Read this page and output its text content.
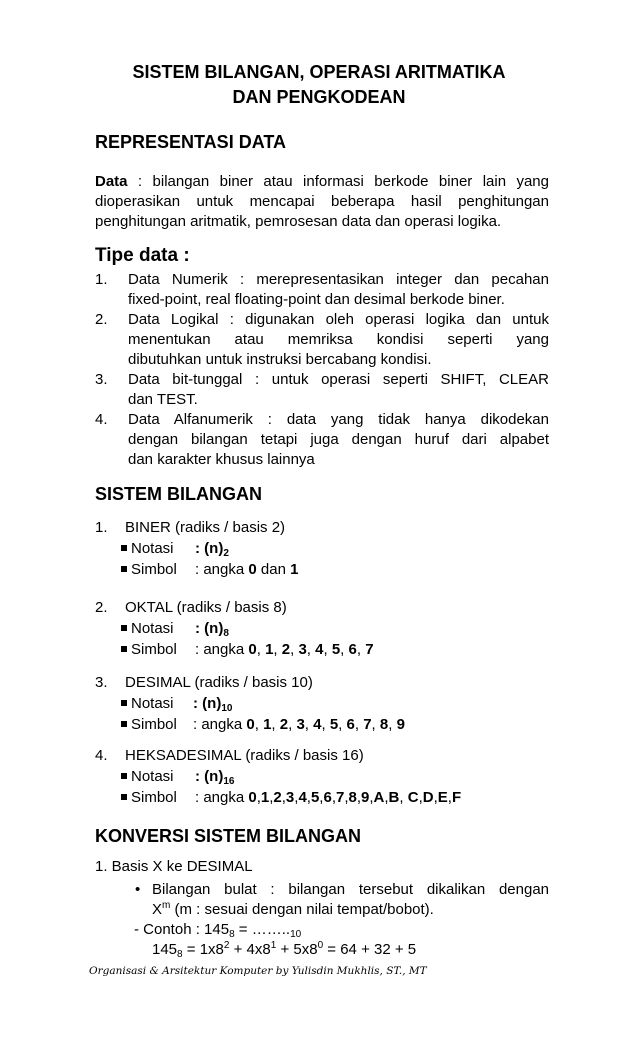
SISTEM BILANGAN, OPERASI ARITMATIKA
DAN PENGKODEAN
REPRESENTASI DATA
Data : bilangan biner atau informasi berkode biner lain yang
dioperasikan untuk mencapai beberapa hasil penghitungan
penghitungan aritmatik, pemrosesan data dan operasi logika.
Tipe data :
1. Data Numerik : merepresentasikan integer dan pecahan
fixed-point, real floating-point dan desimal berkode biner.
2. Data Logikal : digunakan oleh operasi logika dan untuk
menentukan atau memriksa kondisi seperti yang
dibutuhkan untuk instruksi bercabang kondisi.
3. Data bit-tunggal : untuk operasi seperti SHIFT, CLEAR
dan TEST.
4. Data Alfanumerik : data yang tidak hanya dikodekan
dengan bilangan tetapi juga dengan huruf dari alpabet
dan karakter khusus lainnya
SISTEM BILANGAN
1. BINER (radiks / basis 2)
Notasi : $(n)_2$
Simbol : angka 0 dan 1
2. OKTAL (radiks / basis 8)
Notasi : $(n)_8$
Simbol : angka 0, 1, 2, 3, 4, 5, 6, 7
3. DESIMAL (radiks / basis 10)
Notasi : $(n)_{10}$
Simbol : angka 0, 1, 2, 3, 4, 5, 6, 7, 8, 9
4. HEKSADESIMAL (radiks / basis 16)
Notasi : $(n)_{16}$
Simbol : angka 0,1,2,3,4,5,6,7,8,9,A,B, C,D,E,F
KONVERSI SISTEM BILANGAN
1. Basis X ke DESIMAL
• Bilangan bulat : bilangan tersebut dikalikan dengan
$X^m$ (m : sesuai dengan nilai tempat/bobot).
- Contoh : $145_8$ = $\dots\dots.._{10}$
$145_8 = 1x8^2 + 4x8^1 + 5x8^0 = 64 + 32 + 5$
Organisasi & Arsitektur Komputer by Yulisdin Mukhlis, ST., MT
